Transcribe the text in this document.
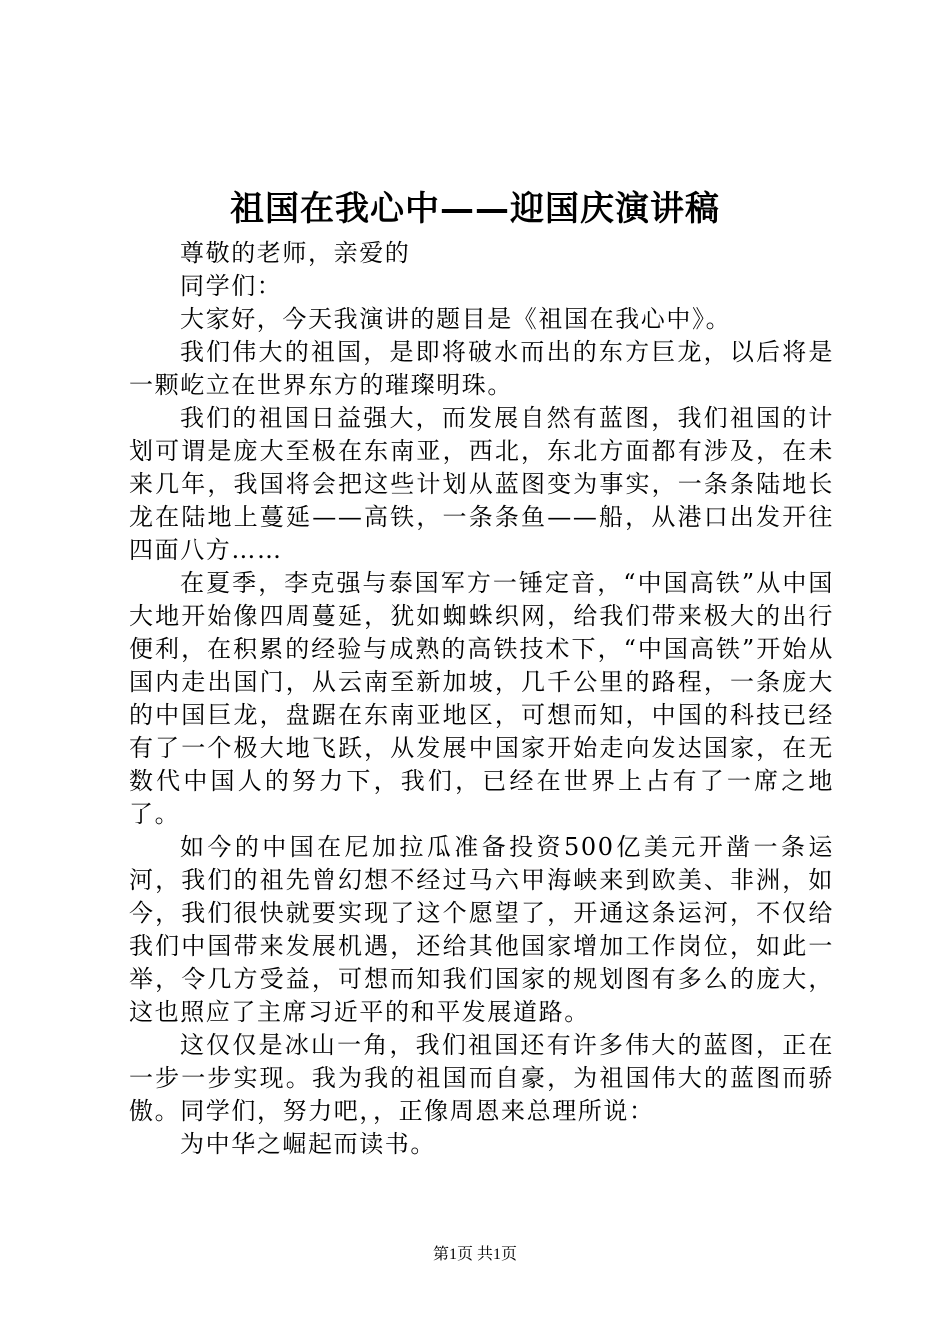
祖国在我心中——迎国庆演讲稿

尊敬的老师，亲爱的

同学们：

大家好，今天我演讲的题目是《祖国在我心中》。

我们伟大的祖国，是即将破水而出的东方巨龙，以后将是一颗屹立在世界东方的璀璨明珠。

我们的祖国日益强大，而发展自然有蓝图，我们祖国的计划可谓是庞大至极在东南亚，西北，东北方面都有涉及，在未来几年，我国将会把这些计划从蓝图变为事实，一条条陆地长龙在陆地上蔓延——高铁，一条条鱼——船，从港口出发开往四面八方……

在夏季，李克强与泰国军方一锤定音，“中国高铁”从中国大地开始像四周蔓延，犹如蜘蛛织网，给我们带来极大的出行便利，在积累的经验与成熟的高铁技术下，“中国高铁”开始从国内走出国门，从云南至新加坡，几千公里的路程，一条庞大的中国巨龙，盘踞在东南亚地区，可想而知，中国的科技已经有了一个极大地飞跃，从发展中国家开始走向发达国家，在无数代中国人的努力下，我们，已经在世界上占有了一席之地了。

如今的中国在尼加拉瓜准备投资500亿美元开凿一条运河，我们的祖先曾幻想不经过马六甲海峡来到欧美、非洲，如今，我们很快就要实现了这个愿望了，开通这条运河，不仅给我们中国带来发展机遇，还给其他国家增加工作岗位，如此一举，令几方受益，可想而知我们国家的规划图有多么的庞大，这也照应了主席习近平的和平发展道路。

这仅仅是冰山一角，我们祖国还有许多伟大的蓝图，正在一步一步实现。我为我的祖国而自豪，为祖国伟大的蓝图而骄傲。同学们，努力吧，，正像周恩来总理所说：

为中华之崛起而读书。

第1页 共1页
